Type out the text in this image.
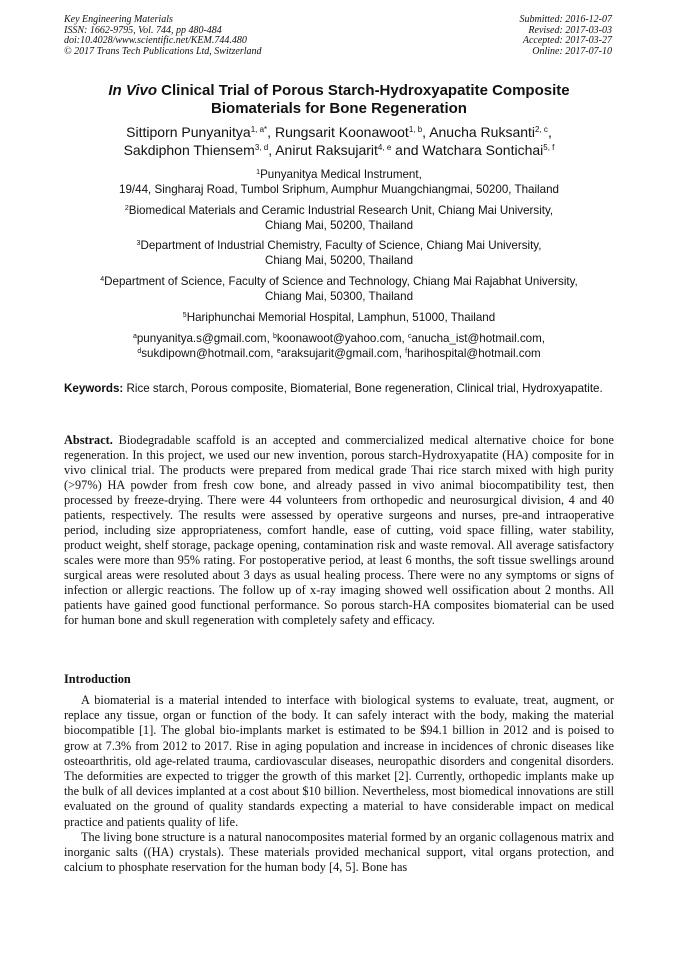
Key Engineering Materials
ISSN: 1662-9795, Vol. 744, pp 480-484
doi:10.4028/www.scientific.net/KEM.744.480
© 2017 Trans Tech Publications Ltd, Switzerland
Submitted: 2016-12-07
Revised: 2017-03-03
Accepted: 2017-03-27
Online: 2017-07-10
In Vivo Clinical Trial of Porous Starch-Hydroxyapatite Composite
Biomaterials for Bone Regeneration
Sittiporn Punyanitya$^{1, a*}$, Rungsarit Koonawoot$^{1, b}$, Anucha Ruksanti$^{2, c}$,
Sakdiphon Thiensem$^{3, d}$, Anirut Raksujarit$^{4, e}$ and Watchara Sontichai$^{5, f}$
$^1$Punyanitya Medical Instrument,
19/44, Singharaj Road, Tumbol Sriphum, Aumphur Muangchiangmai, 50200, Thailand
$^2$Biomedical Materials and Ceramic Industrial Research Unit, Chiang Mai University,
Chiang Mai, 50200, Thailand
$^3$Department of Industrial Chemistry, Faculty of Science, Chiang Mai University,
Chiang Mai, 50200, Thailand
$^4$Department of Science, Faculty of Science and Technology, Chiang Mai Rajabhat University,
Chiang Mai, 50300, Thailand
$^5$Hariphunchai Memorial Hospital, Lamphun, 51000, Thailand
$^a$punyanitya.s@gmail.com, $^b$koonawoot@yahoo.com, $^c$anucha_ist@hotmail.com,
$^d$sukdipown@hotmail.com, $^e$araksujarit@gmail.com, $^f$harihospital@hotmail.com
Keywords: Rice starch, Porous composite, Biomaterial, Bone regeneration, Clinical trial, Hydroxyapatite.
Abstract. Biodegradable scaffold is an accepted and commercialized medical alternative choice for bone regeneration. In this project, we used our new invention, porous starch-Hydroxyapatite (HA) composite for in vivo clinical trial. The products were prepared from medical grade Thai rice starch mixed with high purity (>97%) HA powder from fresh cow bone, and already passed in vivo animal biocompatibility test, then processed by freeze-drying. There were 44 volunteers from orthopedic and neurosurgical division, 4 and 40 patients, respectively. The results were assessed by operative surgeons and nurses, pre-and intraoperative period, including size appropriateness, comfort handle, ease of cutting, void space filling, water stability, product weight, shelf storage, package opening, contamination risk and waste removal. All average satisfactory scales were more than 95% rating. For postoperative period, at least 6 months, the soft tissue swellings around surgical areas were resoluted about 3 days as usual healing process. There were no any symptoms or signs of infection or allergic reactions. The follow up of x-ray imaging showed well ossification about 2 months. All patients have gained good functional performance. So porous starch-HA composites biomaterial can be used for human bone and skull regeneration with completely safety and efficacy.
Introduction

A biomaterial is a material intended to interface with biological systems to evaluate, treat, augment, or replace any tissue, organ or function of the body. It can safely interact with the body, making the material biocompatible [1]. The global bio-implants market is estimated to be $94.1 billion in 2012 and is poised to grow at 7.3% from 2012 to 2017. Rise in aging population and increase in incidences of chronic diseases like osteoarthritis, old age-related trauma, cardiovascular diseases, neuropathic disorders and congenital disorders. The deformities are expected to trigger the growth of this market [2]. Currently, orthopedic implants make up the bulk of all devices implanted at a cost about $10 billion. Nevertheless, most biomedical innovations are still evaluated on the ground of quality standards expecting a material to have considerable impact on medical practice and patients quality of life.

The living bone structure is a natural nanocomposites material formed by an organic collagenous matrix and inorganic salts ((HA) crystals). These materials provided mechanical support, vital organs protection, and calcium to phosphate reservation for the human body [4, 5]. Bone has
